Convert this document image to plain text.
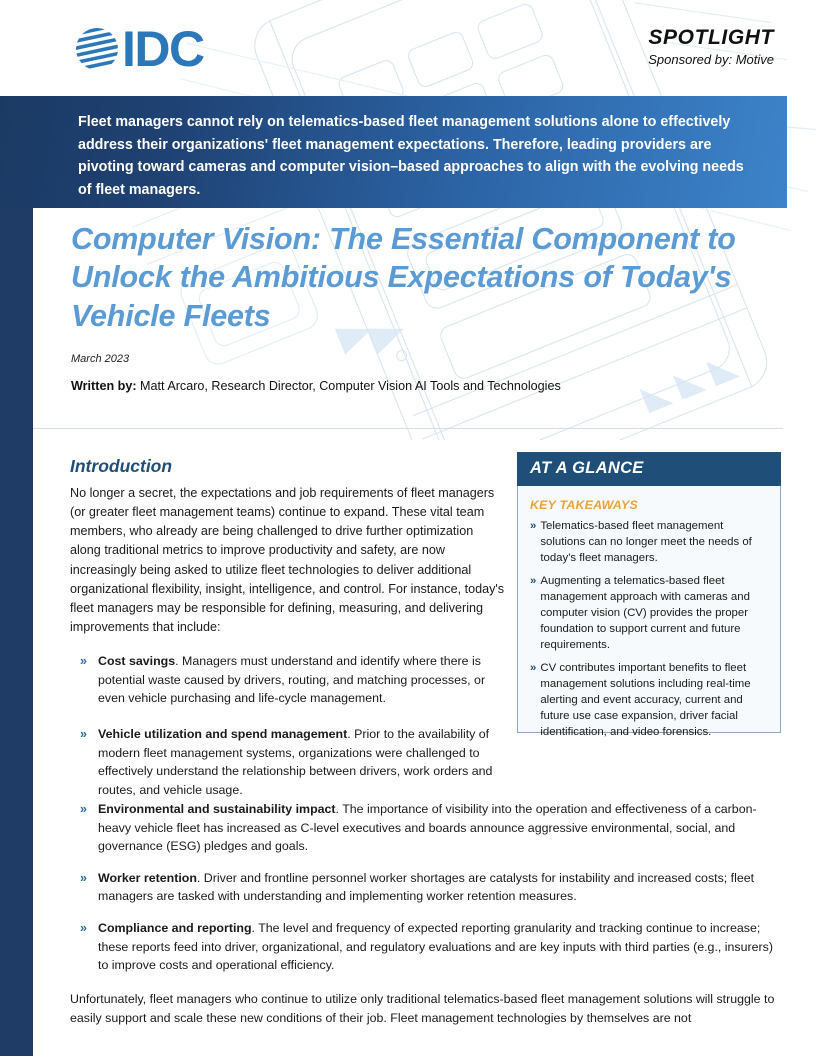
IDC	SPOTLIGHT
Sponsored by: Motive
Fleet managers cannot rely on telematics-based fleet management solutions alone to effectively address their organizations' fleet management expectations. Therefore, leading providers are pivoting toward cameras and computer vision–based approaches to align with the evolving needs of fleet managers.
Computer Vision: The Essential Component to Unlock the Ambitious Expectations of Today's Vehicle Fleets
March 2023
Written by: Matt Arcaro, Research Director, Computer Vision AI Tools and Technologies
Introduction
No longer a secret, the expectations and job requirements of fleet managers (or greater fleet management teams) continue to expand. These vital team members, who already are being challenged to drive further optimization along traditional metrics to improve productivity and safety, are now increasingly being asked to utilize fleet technologies to deliver additional organizational flexibility, insight, intelligence, and control. For instance, today's fleet managers may be responsible for defining, measuring, and delivering improvements that include:
AT A GLANCE
KEY TAKEAWAYS
» Telematics-based fleet management solutions can no longer meet the needs of today's fleet managers.
» Augmenting a telematics-based fleet management approach with cameras and computer vision (CV) provides the proper foundation to support current and future requirements.
» CV contributes important benefits to fleet management solutions including real-time alerting and event accuracy, current and future use case expansion, driver facial identification, and video forensics.
» Cost savings. Managers must understand and identify where there is potential waste caused by drivers, routing, and matching processes, or even vehicle purchasing and life-cycle management.
» Vehicle utilization and spend management. Prior to the availability of modern fleet management systems, organizations were challenged to effectively understand the relationship between drivers, work orders and routes, and vehicle usage.
» Environmental and sustainability impact. The importance of visibility into the operation and effectiveness of a carbon-heavy vehicle fleet has increased as C-level executives and boards announce aggressive environmental, social, and governance (ESG) pledges and goals.
» Worker retention. Driver and frontline personnel worker shortages are catalysts for instability and increased costs; fleet managers are tasked with understanding and implementing worker retention measures.
» Compliance and reporting. The level and frequency of expected reporting granularity and tracking continue to increase; these reports feed into driver, organizational, and regulatory evaluations and are key inputs with third parties (e.g., insurers) to improve costs and operational efficiency.
Unfortunately, fleet managers who continue to utilize only traditional telematics-based fleet management solutions will struggle to easily support and scale these new conditions of their job. Fleet management technologies by themselves are not
